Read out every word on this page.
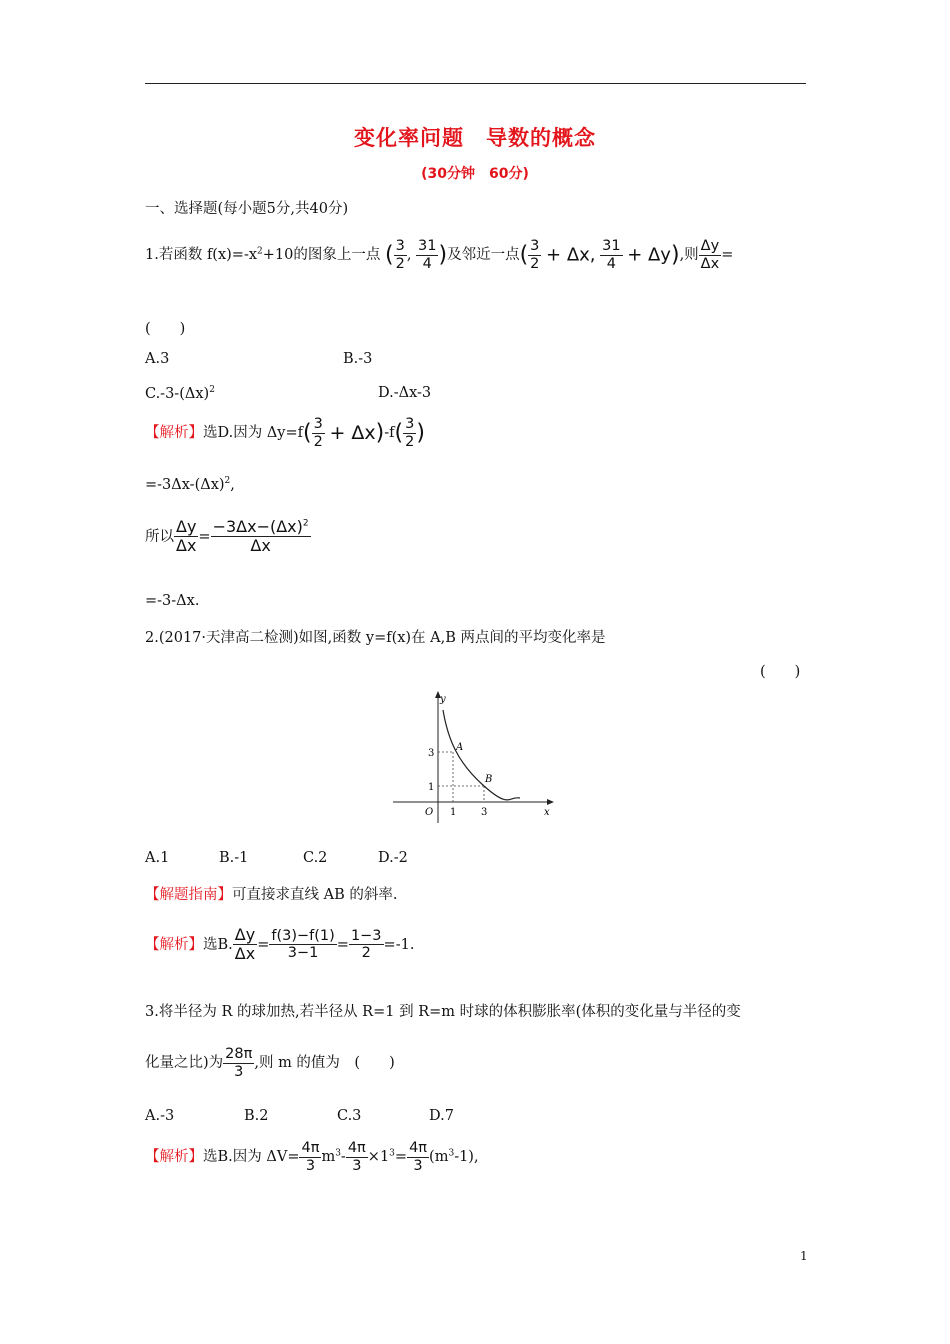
变化率问题　导数的概念
(30分钟　60分)
一、选择题(每小题5分,共40分)
1.若函数 $f(x)=-x^2+10$的图象上一点 ( $\frac{3}{2}$ , $\frac{31}{4}$ )及邻近一点( $\frac{3}{2} + \Delta x$, $\frac{31}{4} + \Delta y$),则 $\frac{\Delta y}{\Delta x}$ =
(　　)
A.3	B.-3
$C.-3-(\Delta x)^2$	D.-Δx-3
【解析】选D.因为 $\Delta y=f( \frac{3}{2} + \Delta x)-f( \frac{3}{2}$ )
$=-3\Delta x-(\Delta x)^2$,
所以 $\frac{\Delta y}{\Delta x} = \frac{-3\Delta x-(\Delta x)^2}{\Delta x}$
=-3-Δx.
2.(2017·天津高二检测)如图,函数 y=f(x)在 A,B 两点间的平均变化率是
(　　)
y
x
O 1 3
3
1
A
B
A.1	B.-1	C.2	D.-2
【解题指南】可直接求直线 AB 的斜率.
【解析】选B. $\frac{\Delta y}{\Delta x} = \frac{f(3)-f(1)}{3-1} = \frac{1-3}{2} =-1$.
3.将半径为 R 的球加热,若半径从 R=1 到 R=m 时球的体积膨胀率(体积的变化量与半径的变
化量之比)为 $\frac{28\pi}{3}$ ,则 m 的值为　(　　)
A.-3	B.2	C.3	D.7
【解析】选B.因为 $\Delta V= \frac{4\pi}{3} m^3- \frac{4\pi}{3} \times 1^3= \frac{4\pi}{3} (m^3-1)$,
1
